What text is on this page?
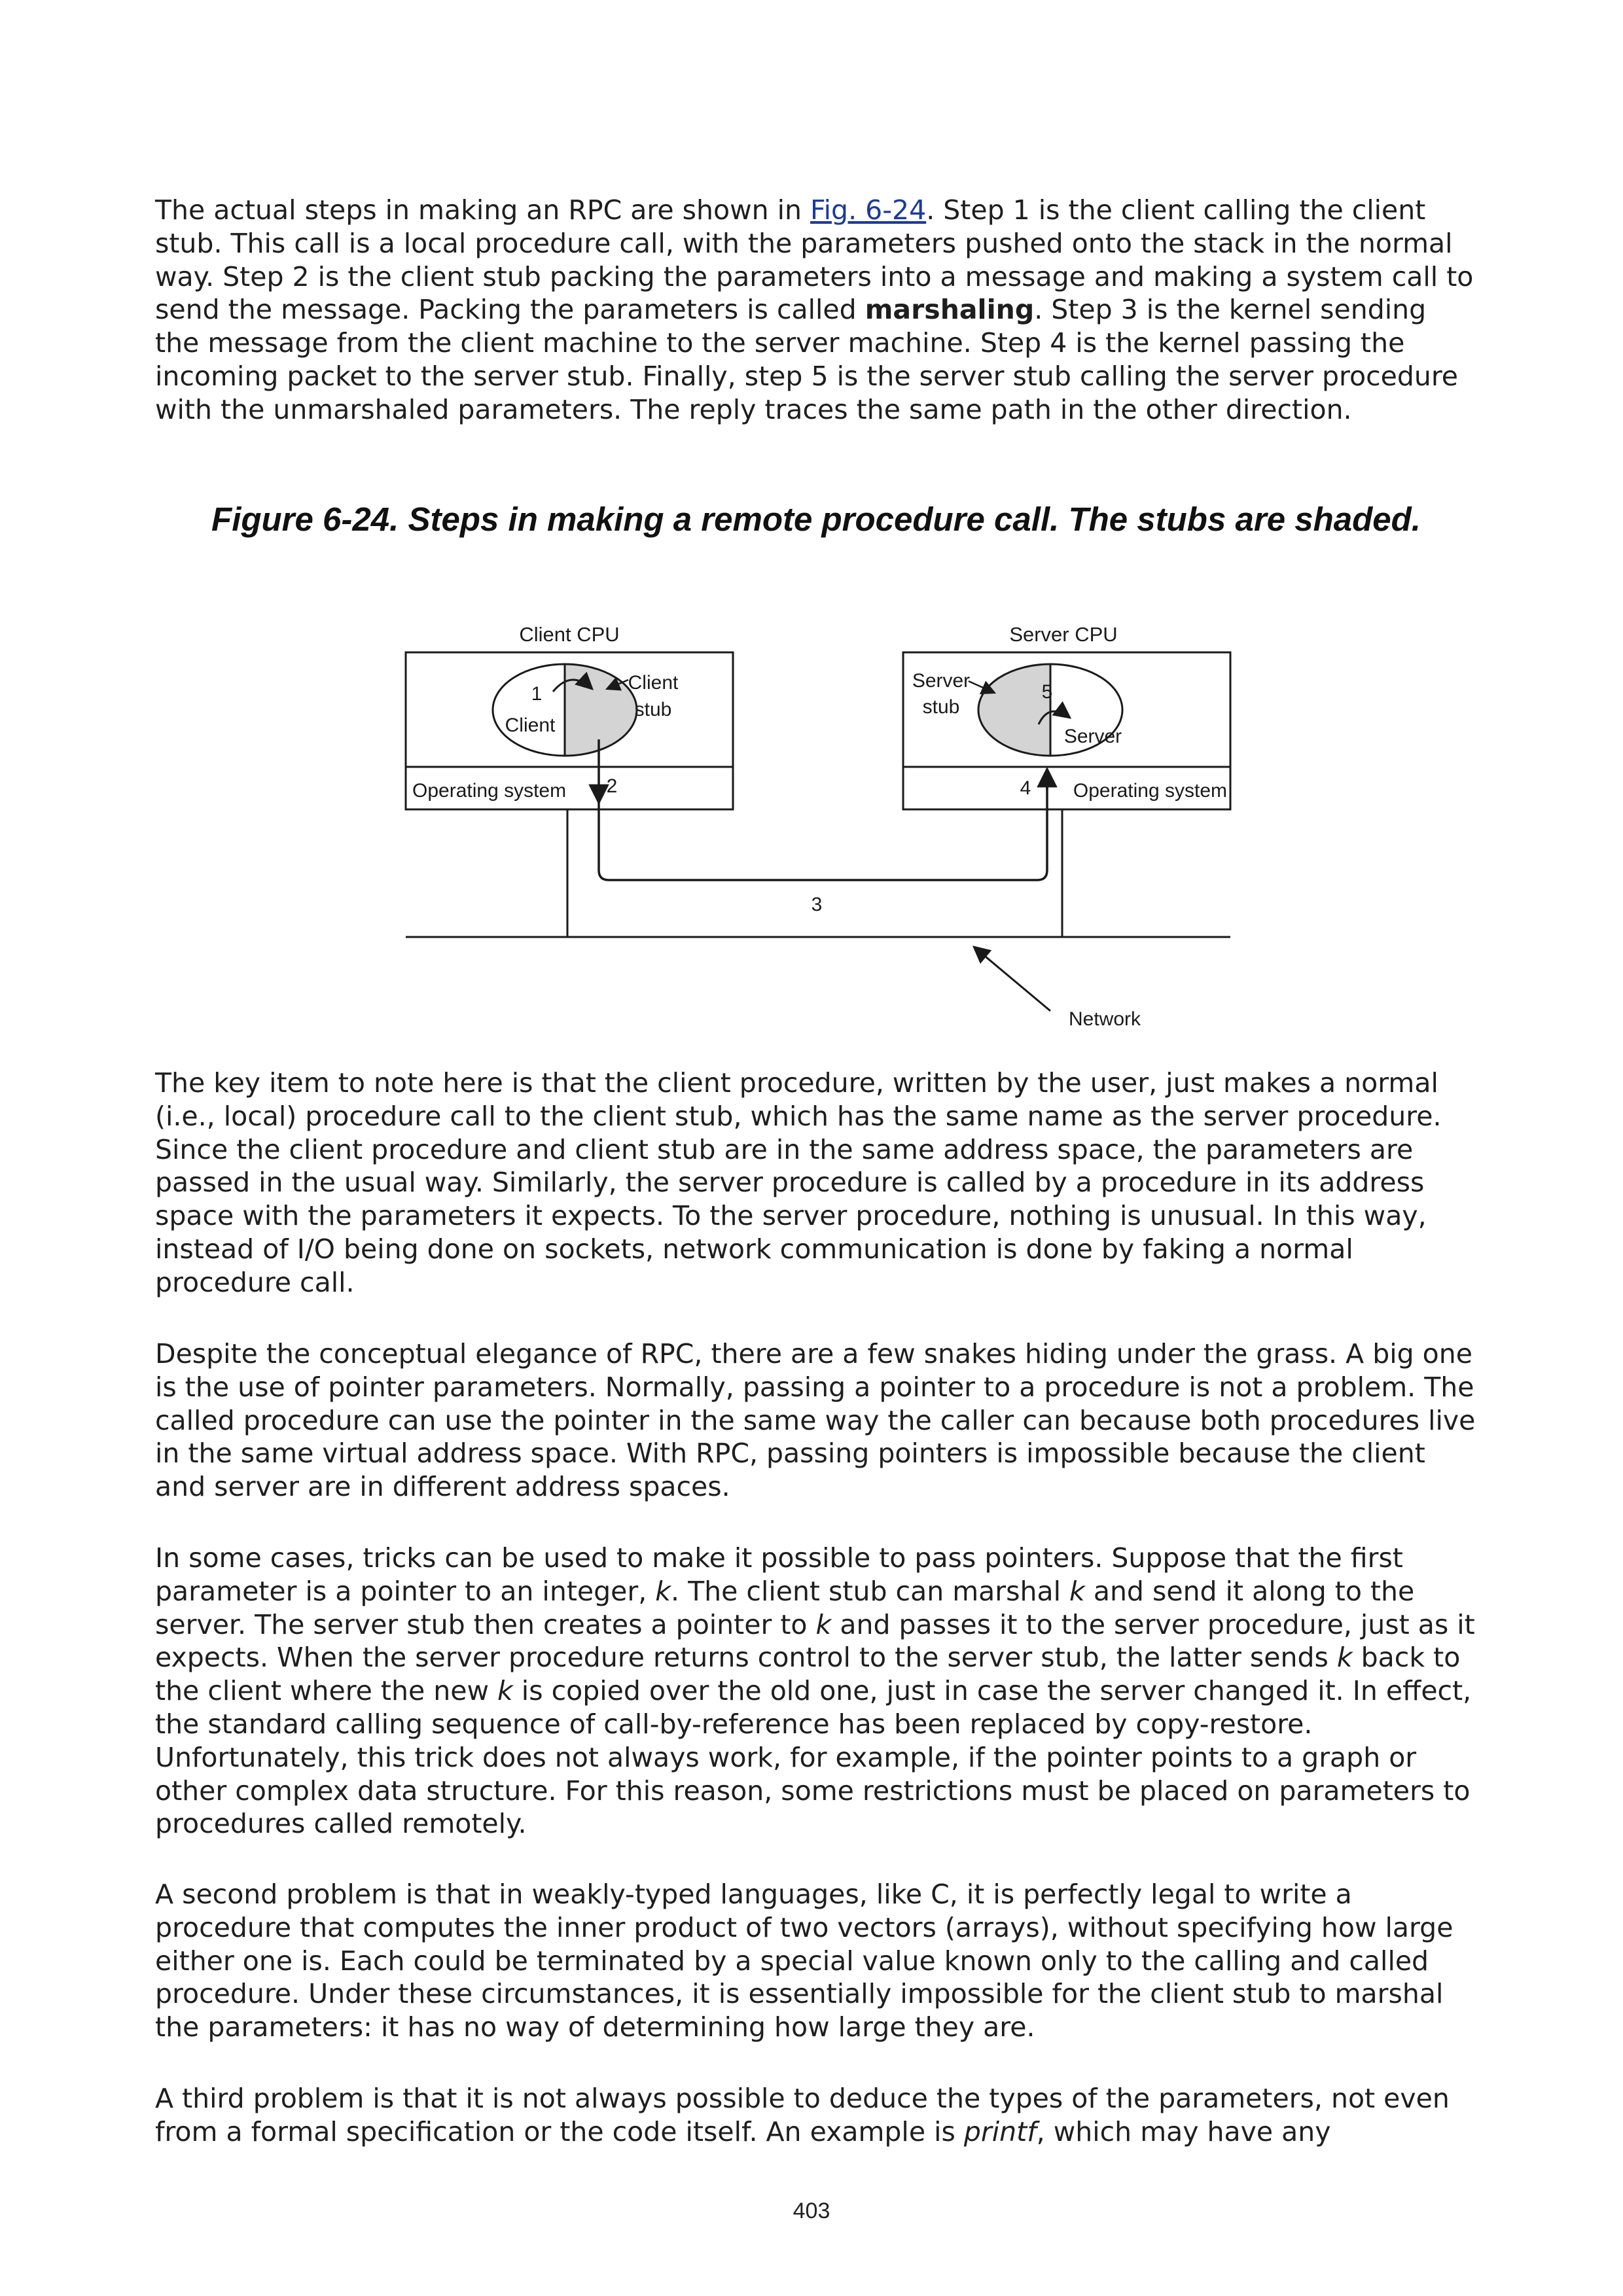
The actual steps in making an RPC are shown in Fig. 6-24. Step 1 is the client calling the client stub. This call is a local procedure call, with the parameters pushed onto the stack in the normal way. Step 2 is the client stub packing the parameters into a message and making a system call to send the message. Packing the parameters is called marshaling. Step 3 is the kernel sending the message from the client machine to the server machine. Step 4 is the kernel passing the incoming packet to the server stub. Finally, step 5 is the server stub calling the server procedure with the unmarshaled parameters. The reply traces the same path in the other direction.

Figure 6-24. Steps in making a remote procedure call. The stubs are shaded.

Client CPU	Server CPU
Client
Client
stub
Server
stub
Server
1	5
2	4
Operating system	Operating system
3
Network

The key item to note here is that the client procedure, written by the user, just makes a normal (i.e., local) procedure call to the client stub, which has the same name as the server procedure. Since the client procedure and client stub are in the same address space, the parameters are passed in the usual way. Similarly, the server procedure is called by a procedure in its address space with the parameters it expects. To the server procedure, nothing is unusual. In this way, instead of I/O being done on sockets, network communication is done by faking a normal procedure call.

Despite the conceptual elegance of RPC, there are a few snakes hiding under the grass. A big one is the use of pointer parameters. Normally, passing a pointer to a procedure is not a problem. The called procedure can use the pointer in the same way the caller can because both procedures live in the same virtual address space. With RPC, passing pointers is impossible because the client and server are in different address spaces.

In some cases, tricks can be used to make it possible to pass pointers. Suppose that the first parameter is a pointer to an integer, k. The client stub can marshal k and send it along to the server. The server stub then creates a pointer to k and passes it to the server procedure, just as it expects. When the server procedure returns control to the server stub, the latter sends k back to the client where the new k is copied over the old one, just in case the server changed it. In effect, the standard calling sequence of call-by-reference has been replaced by copy-restore. Unfortunately, this trick does not always work, for example, if the pointer points to a graph or other complex data structure. For this reason, some restrictions must be placed on parameters to procedures called remotely.

A second problem is that in weakly-typed languages, like C, it is perfectly legal to write a procedure that computes the inner product of two vectors (arrays), without specifying how large either one is. Each could be terminated by a special value known only to the calling and called procedure. Under these circumstances, it is essentially impossible for the client stub to marshal the parameters: it has no way of determining how large they are.

A third problem is that it is not always possible to deduce the types of the parameters, not even from a formal specification or the code itself. An example is printf, which may have any

403
